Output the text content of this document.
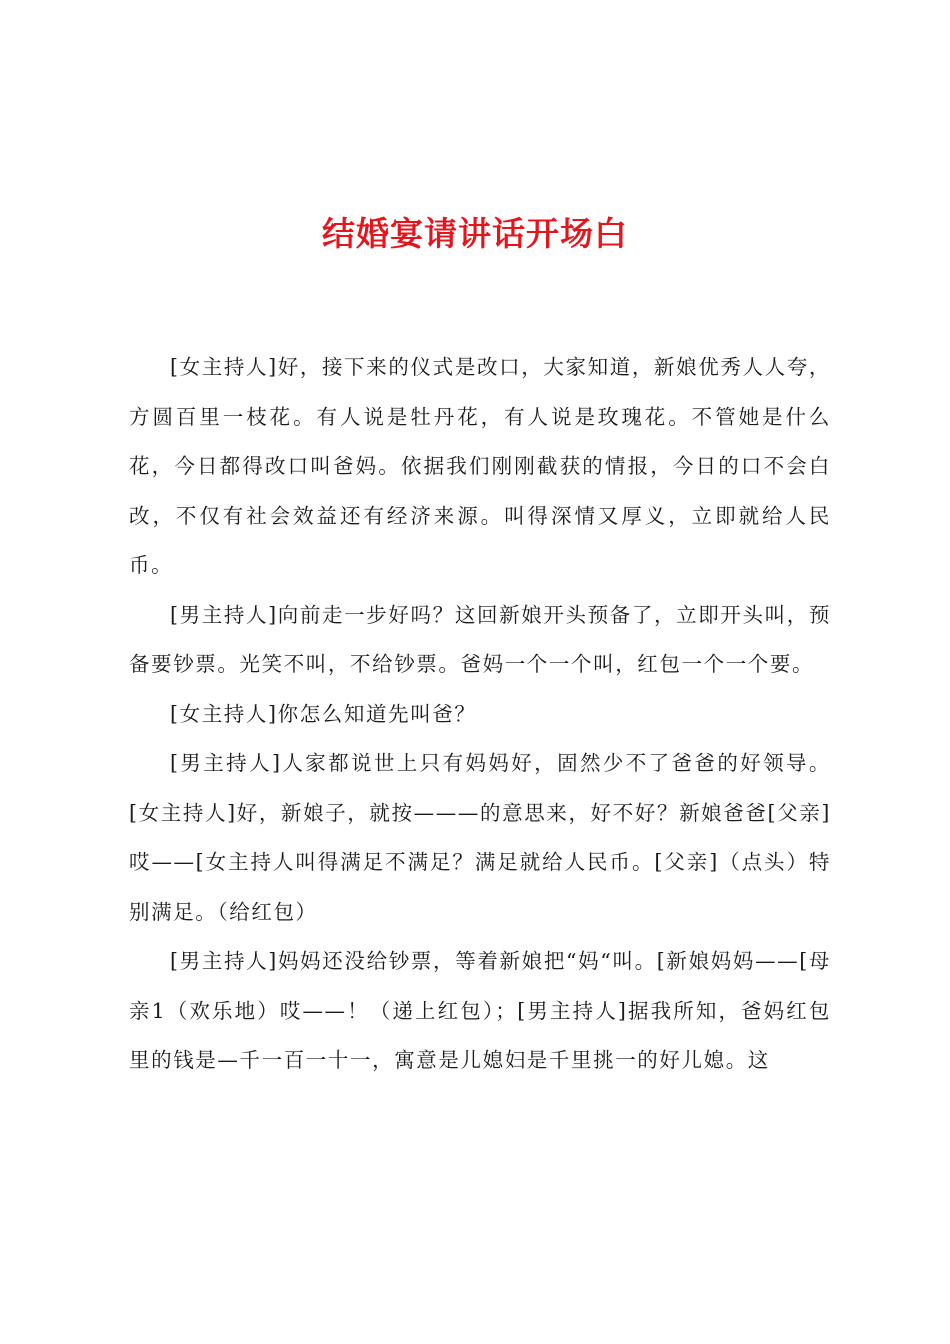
结婚宴请讲话开场白

[女主持人]好，接下来的仪式是改口，大家知道，新娘优秀人人夸，方圆百里一枝花。有人说是牡丹花，有人说是玫瑰花。不管她是什么花，今日都得改口叫爸妈。依据我们刚刚截获的情报，今日的口不会白改，不仅有社会效益还有经济来源。叫得深情又厚义，立即就给人民币。

[男主持人]向前走一步好吗？这回新娘开头预备了，立即开头叫，预备要钞票。光笑不叫，不给钞票。爸妈一个一个叫，红包一个一个要。

[女主持人]你怎么知道先叫爸？

[男主持人]人家都说世上只有妈妈好，固然少不了爸爸的好领导。[女主持人]好，新娘子，就按———的意思来，好不好？新娘爸爸[父亲]哎——[女主持人叫得满足不满足？满足就给人民币。[父亲]（点头）特别满足。（给红包）

[男主持人]妈妈还没给钞票，等着新娘把“妈“叫。[新娘妈妈——[母亲1（欢乐地）哎——！（递上红包）；[男主持人]据我所知，爸妈红包里的钱是—千一百一十一，寓意是儿媳妇是千里挑一的好儿媳。这
